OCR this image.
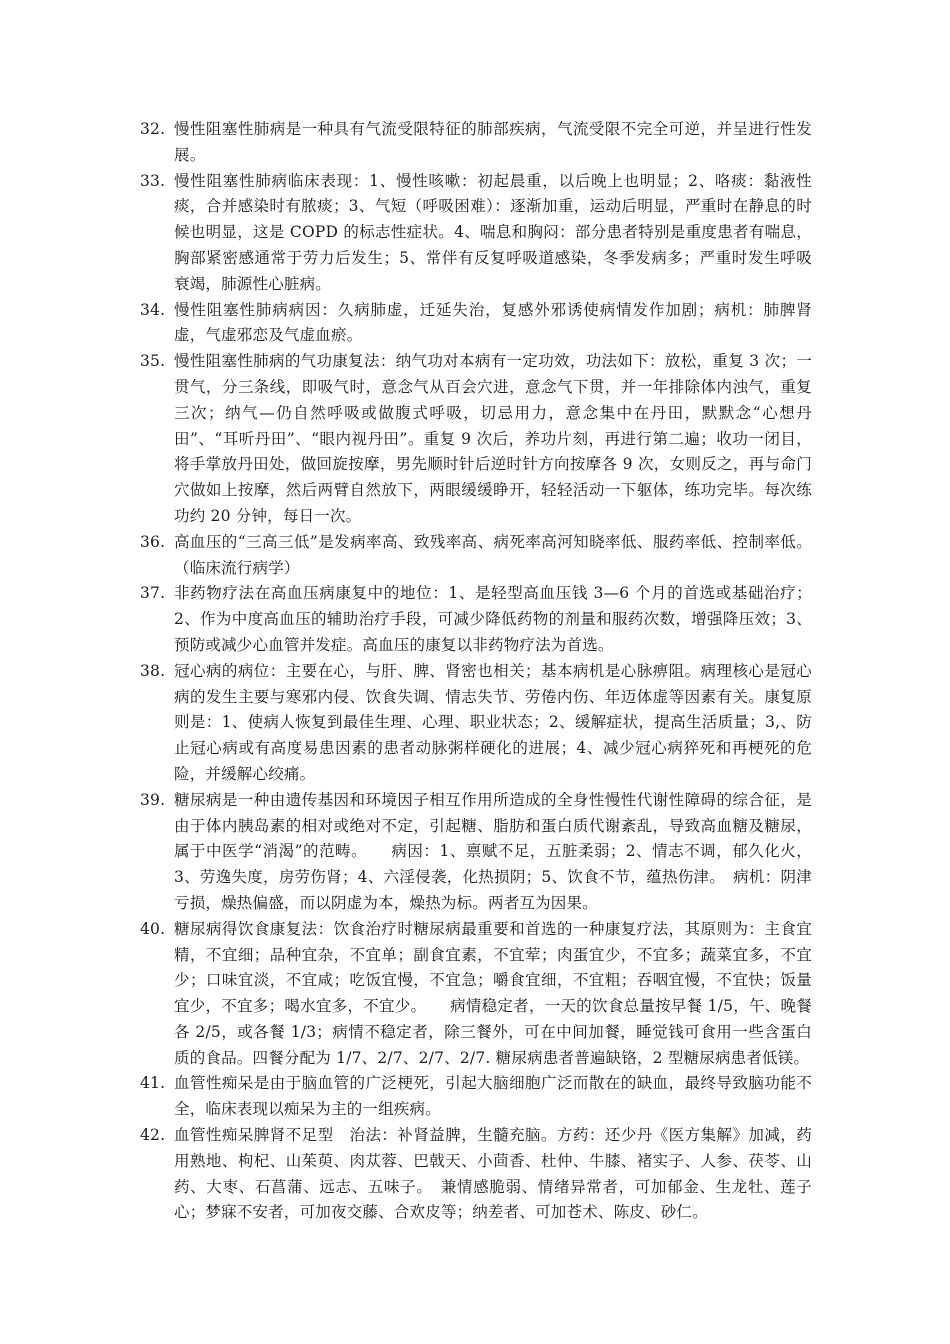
32. 慢性阻塞性肺病是一种具有气流受限特征的肺部疾病，气流受限不完全可逆，并呈进行性发展。
33. 慢性阻塞性肺病临床表现：1、慢性咳嗽：初起晨重，以后晚上也明显；2、咯痰：黏液性痰，合并感染时有脓痰；3、气短（呼吸困难）：逐渐加重，运动后明显，严重时在静息的时候也明显，这是 COPD 的标志性症状。4、喘息和胸闷：部分患者特别是重度患者有喘息，胸部紧密感通常于劳力后发生；5、常伴有反复呼吸道感染，冬季发病多；严重时发生呼吸衰竭，肺源性心脏病。
34. 慢性阻塞性肺病病因：久病肺虚，迁延失治，复感外邪诱使病情发作加剧；病机：肺脾肾虚，气虚邪恋及气虚血瘀。
35. 慢性阻塞性肺病的气功康复法：纳气功对本病有一定功效，功法如下：放松，重复 3 次；一贯气，分三条线，即吸气时，意念气从百会穴进，意念气下贯，并一年排除体内浊气，重复三次；纳气—仍自然呼吸或做腹式呼吸，切忌用力，意念集中在丹田，默默念“心想丹田”、“耳听丹田”、“眼内视丹田”。重复 9 次后，养功片刻，再进行第二遍；收功一闭目，将手掌放丹田处，做回旋按摩，男先顺时针后逆时针方向按摩各 9 次，女则反之，再与命门穴做如上按摩，然后两臂自然放下，两眼缓缓睁开，轻轻活动一下躯体，练功完毕。每次练功约 20 分钟，每日一次。
36. 高血压的“三高三低”是发病率高、致残率高、病死率高河知晓率低、服药率低、控制率低。（临床流行病学）
37. 非药物疗法在高血压病康复中的地位：1、是轻型高血压钱 3—6 个月的首选或基础治疗；2、作为中度高血压的辅助治疗手段，可减少降低药物的剂量和服药次数，增强降压效；3、预防或减少心血管并发症。高血压的康复以非药物疗法为首选。
38. 冠心病的病位：主要在心，与肝、脾、肾密也相关；基本病机是心脉痹阻。病理核心是冠心病的发生主要与寒邪内侵、饮食失调、情志失节、劳倦内伤、年迈体虚等因素有关。康复原则是：1、使病人恢复到最佳生理、心理、职业状态；2、缓解症状，提高生活质量；3,、防止冠心病或有高度易患因素的患者动脉粥样硬化的进展；4、减少冠心病猝死和再梗死的危险，并缓解心绞痛。
39. 糖尿病是一种由遗传基因和环境因子相互作用所造成的全身性慢性代谢性障碍的综合征，是由于体内胰岛素的相对或绝对不定，引起糖、脂肪和蛋白质代谢紊乱，导致高血糖及糖尿，属于中医学“消渴”的范畴。　　病因：1、禀赋不足，五脏柔弱；2、情志不调，郁久化火，3、劳逸失度，房劳伤肾；4、六淫侵袭，化热损阴；5、饮食不节，蕴热伤津。　病机：阴津亏损，燥热偏盛，而以阴虚为本，燥热为标。两者互为因果。
40. 糖尿病得饮食康复法：饮食治疗时糖尿病最重要和首选的一种康复疗法，其原则为：主食宜精，不宜细；品种宜杂，不宜单；副食宜素，不宜荤；肉蛋宜少，不宜多；蔬菜宜多，不宜少；口味宜淡，不宜咸；吃饭宜慢，不宜急；嚼食宜细，不宜粗；吞咽宜慢，不宜快；饭量宜少，不宜多；喝水宜多，不宜少。　　病情稳定者，一天的饮食总量按早餐 1/5，午、晚餐各 2/5，或各餐 1/3；病情不稳定者，除三餐外，可在中间加餐，睡觉钱可食用一些含蛋白质的食品。四餐分配为 1/7、2/7、2/7、2/7. 糖尿病患者普遍缺铬，2 型糖尿病患者低镁。
41. 血管性痴呆是由于脑血管的广泛梗死，引起大脑细胞广泛而散在的缺血，最终导致脑功能不全，临床表现以痴呆为主的一组疾病。
42. 血管性痴呆脾肾不足型　治法：补肾益脾，生髓充脑。方药：还少丹《医方集解》加减，药用熟地、枸杞、山茱萸、肉苁蓉、巴戟天、小茴香、杜仲、牛膝、褚实子、人参、茯苓、山药、大枣、石菖蒲、远志、五味子。　兼情感脆弱、情绪异常者，可加郁金、生龙牡、莲子心；梦寐不安者，可加夜交藤、合欢皮等；纳差者、可加苍术、陈皮、砂仁。
